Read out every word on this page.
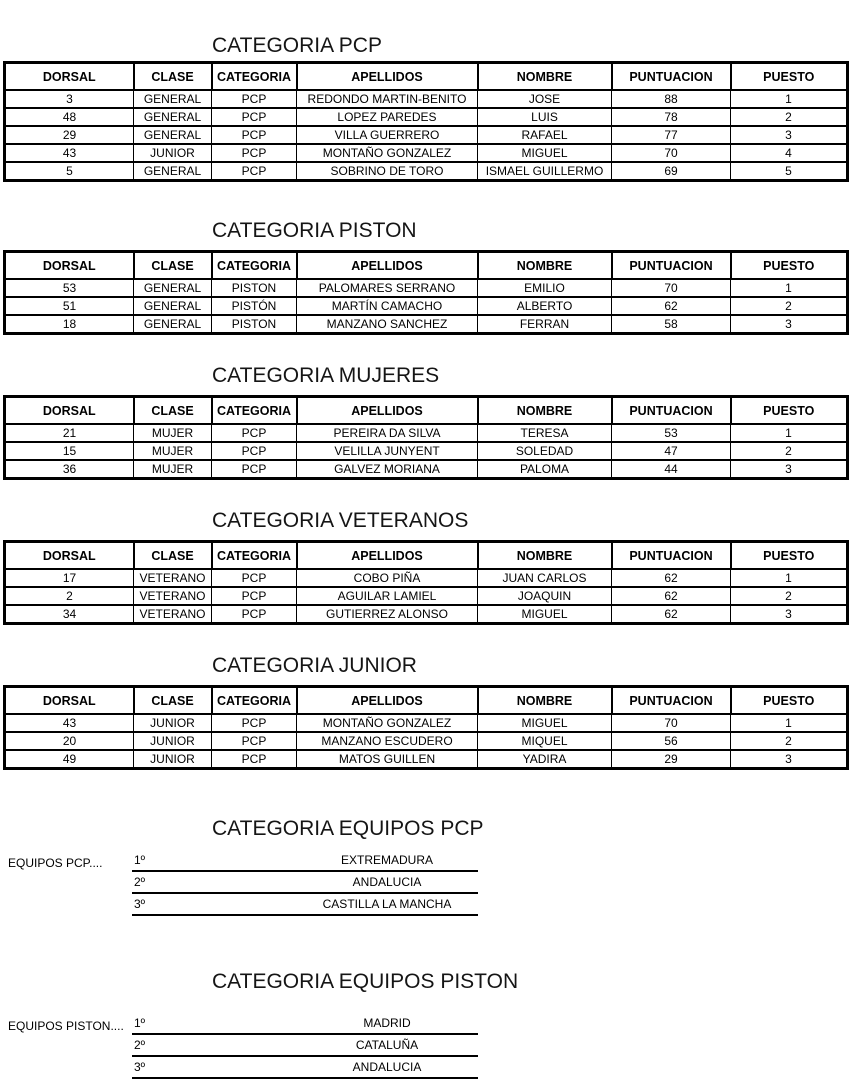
CATEGORIA PCP
DORSAL	CLASE	CATEGORIA	APELLIDOS	NOMBRE	PUNTUACION	PUESTO
3	GENERAL	PCP	REDONDO MARTIN-BENITO	JOSE	88	1
48	GENERAL	PCP	LOPEZ PAREDES	LUIS	78	2
29	GENERAL	PCP	VILLA GUERRERO	RAFAEL	77	3
43	JUNIOR	PCP	MONTAÑO GONZALEZ	MIGUEL	70	4
5	GENERAL	PCP	SOBRINO DE TORO	ISMAEL GUILLERMO	69	5
CATEGORIA PISTON
DORSAL	CLASE	CATEGORIA	APELLIDOS	NOMBRE	PUNTUACION	PUESTO
53	GENERAL	PISTON	PALOMARES SERRANO	EMILIO	70	1
51	GENERAL	PISTÓN	MARTÍN CAMACHO	ALBERTO	62	2
18	GENERAL	PISTON	MANZANO SANCHEZ	FERRAN	58	3
CATEGORIA MUJERES
DORSAL	CLASE	CATEGORIA	APELLIDOS	NOMBRE	PUNTUACION	PUESTO
21	MUJER	PCP	PEREIRA DA SILVA	TERESA	53	1
15	MUJER	PCP	VELILLA JUNYENT	SOLEDAD	47	2
36	MUJER	PCP	GALVEZ MORIANA	PALOMA	44	3
CATEGORIA VETERANOS
DORSAL	CLASE	CATEGORIA	APELLIDOS	NOMBRE	PUNTUACION	PUESTO
17	VETERANO	PCP	COBO PIÑA	JUAN CARLOS	62	1
2	VETERANO	PCP	AGUILAR LAMIEL	JOAQUIN	62	2
34	VETERANO	PCP	GUTIERREZ ALONSO	MIGUEL	62	3
CATEGORIA JUNIOR
DORSAL	CLASE	CATEGORIA	APELLIDOS	NOMBRE	PUNTUACION	PUESTO
43	JUNIOR	PCP	MONTAÑO GONZALEZ	MIGUEL	70	1
20	JUNIOR	PCP	MANZANO ESCUDERO	MIQUEL	56	2
49	JUNIOR	PCP	MATOS GUILLEN	YADIRA	29	3
CATEGORIA EQUIPOS PCP
EQUIPOS PCP....	1º	EXTREMADURA
2º	ANDALUCIA
3º	CASTILLA LA MANCHA
CATEGORIA EQUIPOS PISTON
EQUIPOS PISTON.... 1º	MADRID
2º	CATALUÑA
3º	ANDALUCIA
